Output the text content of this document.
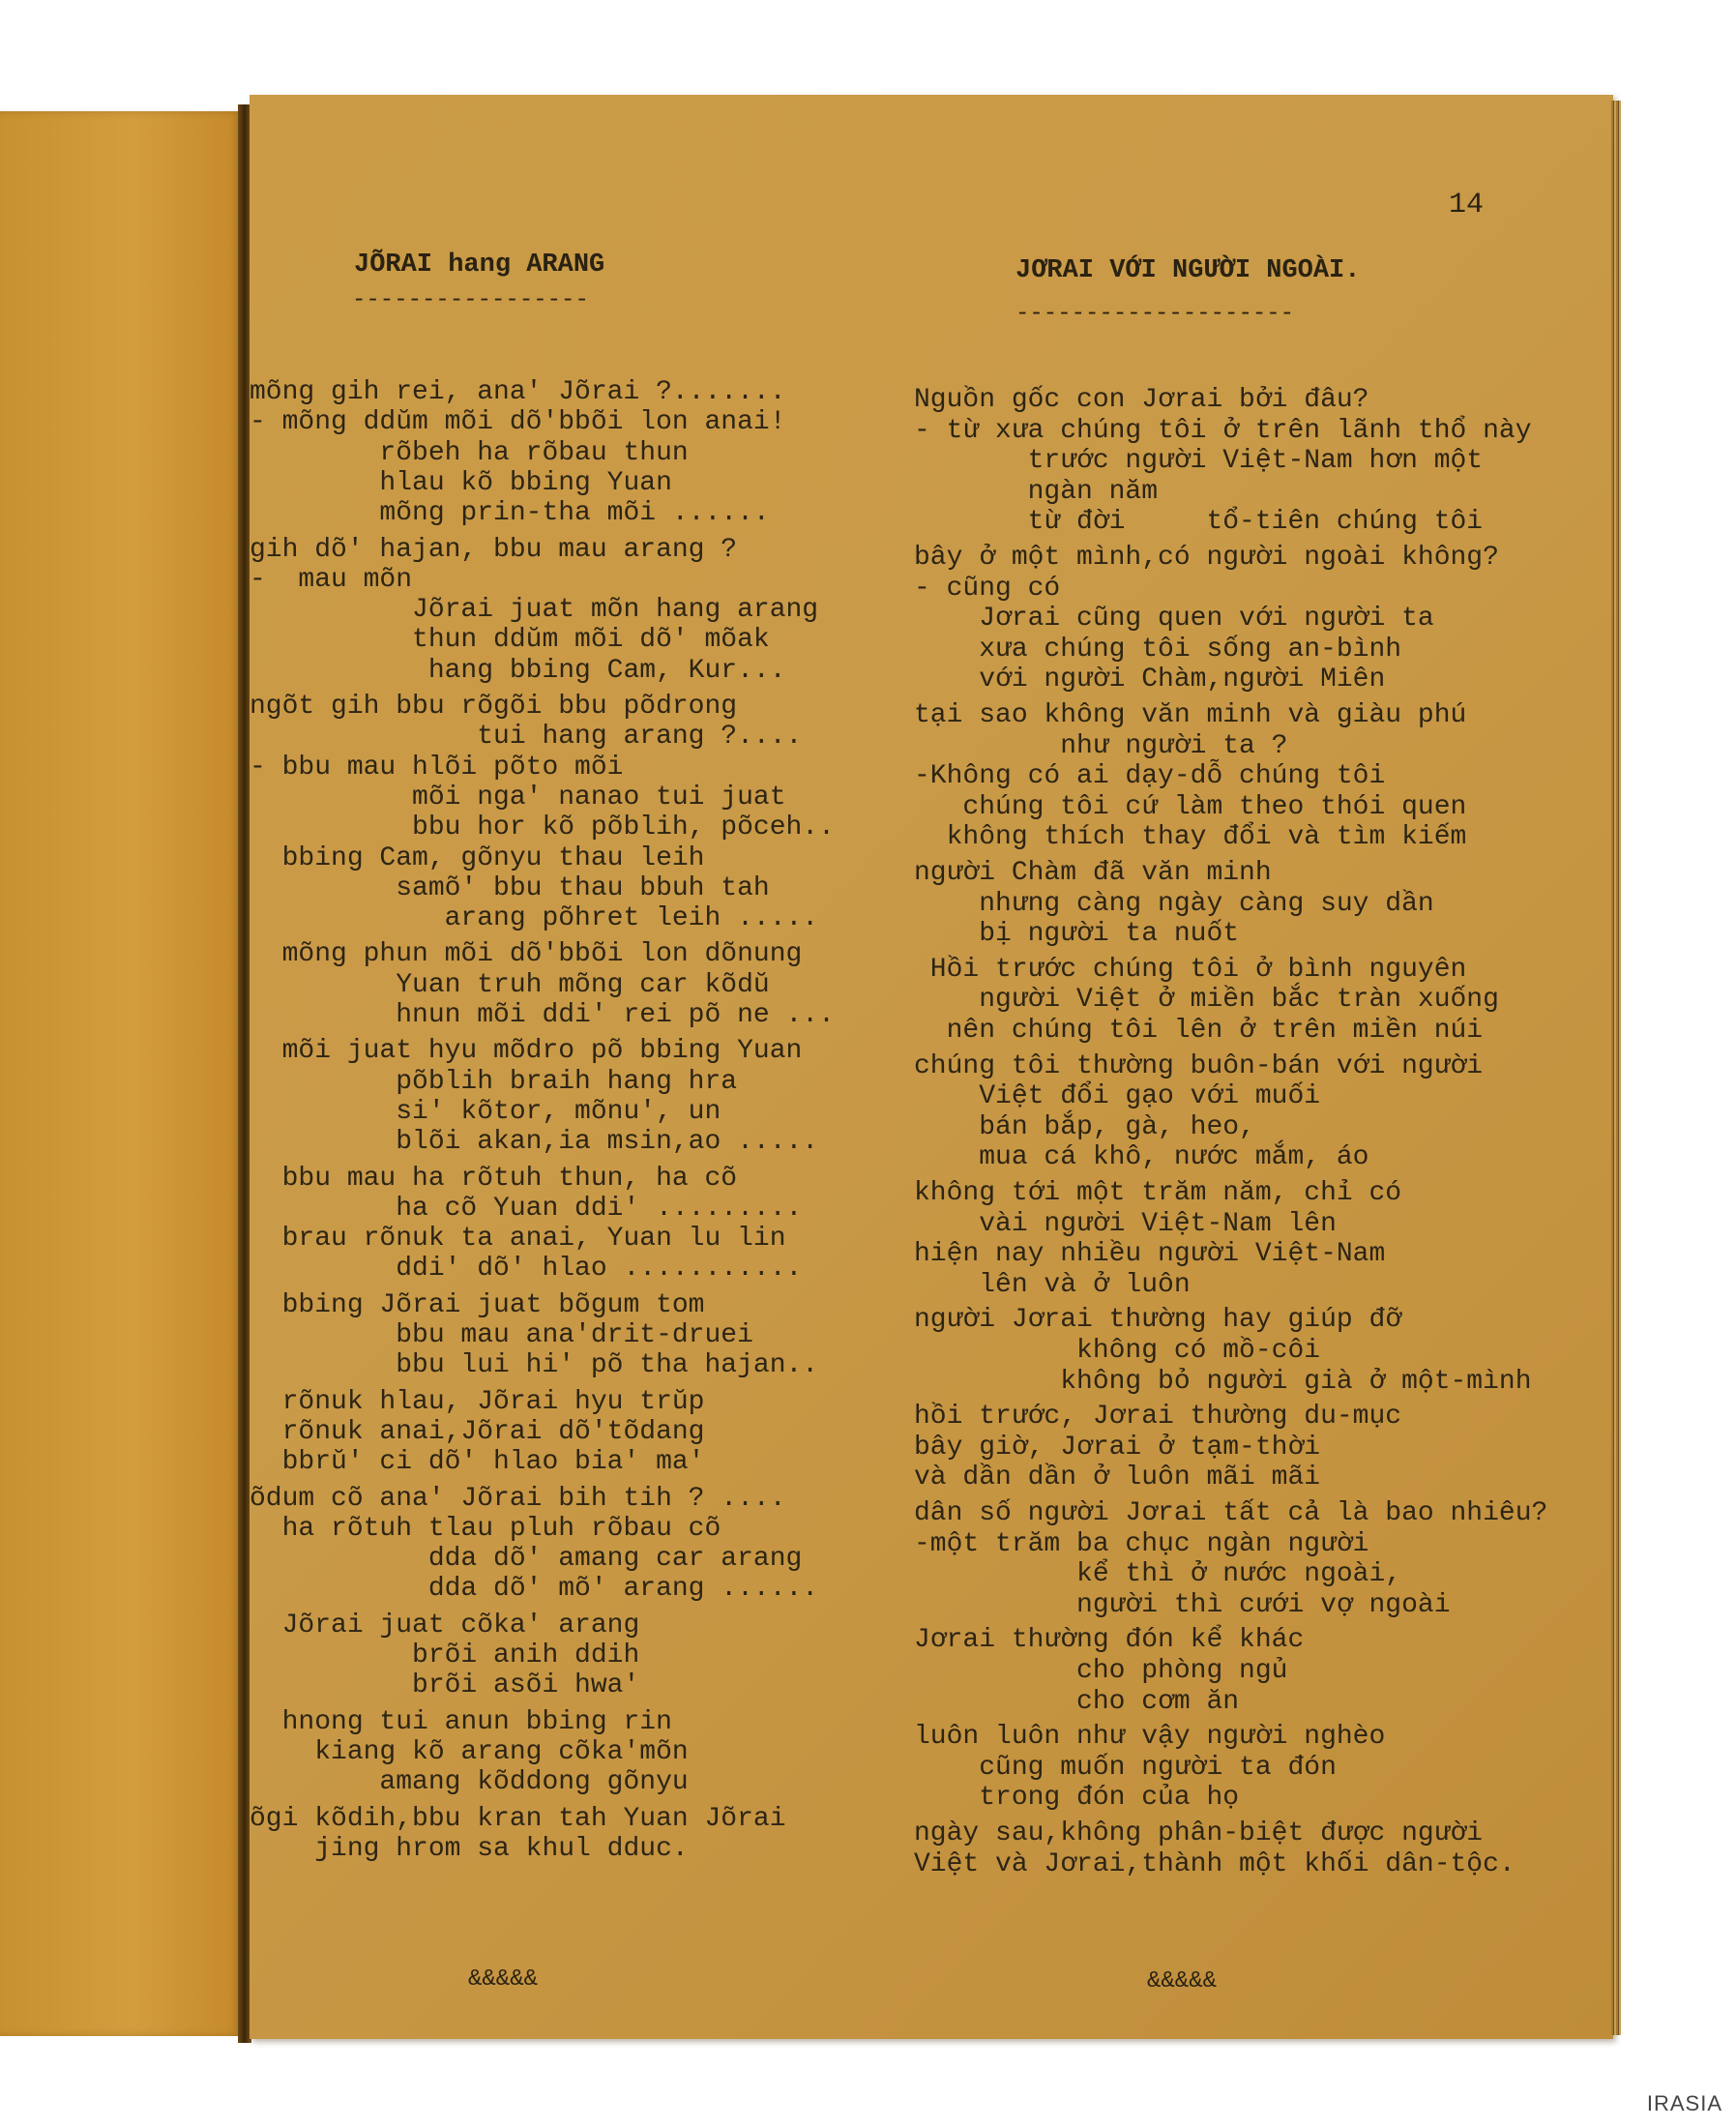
14
JÕRAI hang ARANG
-----------------
JƠRAI VỚI NGƯỜI NGOÀI.
--------------------
mõng gih rei, ana' Jõrai ?.......
- mõng ddŭm mõi dõ'bbõi lon anai!
rõbeh ha rõbau thun
hlau kõ bbing Yuan
mõng prin-tha mõi ......
gih dõ' hajan, bbu mau arang ?
-  mau mõn
Jõrai juat mõn hang arang
thun ddŭm mõi dõ' mõak
hang bbing Cam, Kur...
ngõt gih bbu rõgõi bbu põdrong
tui hang arang ?....
- bbu mau hlõi põto mõi
mõi nga' nanao tui juat
bbu hor kõ põblih, põceh..
bbing Cam, gõnyu thau leih
samõ' bbu thau bbuh tah
arang põhret leih .....
mõng phun mõi dõ'bbõi lon dõnung
Yuan truh mõng car kõdŭ
hnun mõi ddi' rei põ ne ...
mõi juat hyu mõdro põ bbing Yuan
põblih braih hang hra
si' kõtor, mõnu', un
blõi akan,ia msin,ao .....
bbu mau ha rõtuh thun, ha cõ
ha cõ Yuan ddi' .........
brau rõnuk ta anai, Yuan lu lin
ddi' dõ' hlao ...........
bbing Jõrai juat bõgum tom
bbu mau ana'drit-druei
bbu lui hi' põ tha hajan..
rõnuk hlau, Jõrai hyu trŭp
rõnuk anai,Jõrai dõ'tõdang
bbrŭ' ci dõ' hlao bia' ma'
õdum cõ ana' Jõrai bih tih ? ....
ha rõtuh tlau pluh rõbau cõ
dda dõ' amang car arang
dda dõ' mõ' arang ......
Jõrai juat cõka' arang
brõi anih ddih
brõi asõi hwa'
hnong tui anun bbing rin
kiang kõ arang cõka'mõn
amang kõddong gõnyu
õgi kõdih,bbu kran tah Yuan Jõrai
jing hrom sa khul dduc.
Nguồn gốc con Jơrai bởi đâu?
- từ xưa chúng tôi ở trên lãnh thổ này
trước người Việt-Nam hơn một
ngàn năm
từ đời     tổ-tiên chúng tôi
bây ở một mình,có người ngoài không?
- cũng có
Jơrai cũng quen với người ta
xưa chúng tôi sống an-bình
với người Chàm,người Miên
tại sao không văn minh và giàu phú
như người ta ?
-Không có ai dạy-dỗ chúng tôi
chúng tôi cứ làm theo thói quen
không thích thay đổi và tìm kiếm
người Chàm đã văn minh
nhưng càng ngày càng suy dần
bị người ta nuốt
Hồi trước chúng tôi ở bình nguyên
người Việt ở miền bắc tràn xuống
nên chúng tôi lên ở trên miền núi
chúng tôi thường buôn-bán với người
Việt đổi gạo với muối
bán bắp, gà, heo,
mua cá khô, nước mắm, áo
không tới một trăm năm, chỉ có
vài người Việt-Nam lên
hiện nay nhiều người Việt-Nam
lên và ở luôn
người Jơrai thường hay giúp đỡ
không có mồ-côi
không bỏ người già ở một-mình
hồi trước, Jơrai thường du-mục
bây giờ, Jơrai ở tạm-thời
và dần dần ở luôn mãi mãi
dân số người Jơrai tất cả là bao nhiêu?
-một trăm ba chục ngàn người
kể thì ở nước ngoài,
người thì cưới vợ ngoài
Jơrai thường đón kể khác
cho phòng ngủ
cho cơm ăn
luôn luôn như vậy người nghèo
cũng muốn người ta đón
trong đón của họ
ngày sau,không phân-biệt được người
Việt và Jơrai,thành một khối dân-tộc.
&&&&&	&&&&&
IRASIA
